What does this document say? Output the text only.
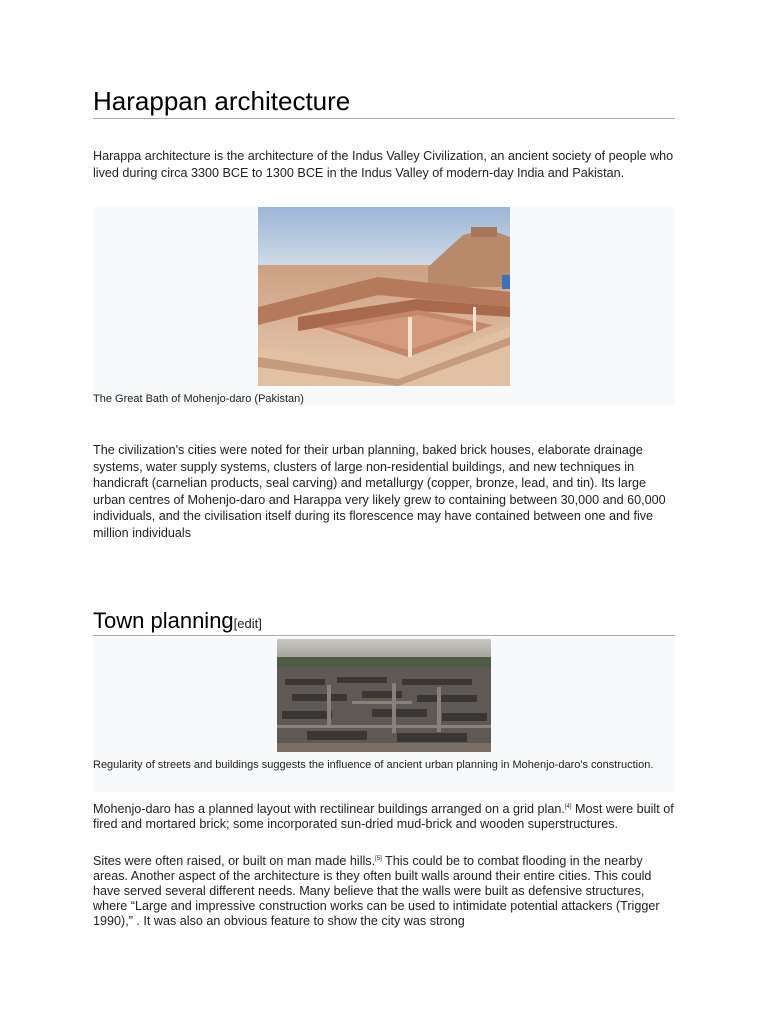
Harappan architecture
Harappa architecture is the architecture of the Indus Valley Civilization, an ancient society of people who lived during circa 3300 BCE to 1300 BCE in the Indus Valley of modern-day India and Pakistan.
The Great Bath of Mohenjo-daro (Pakistan)
The civilization's cities were noted for their urban planning, baked brick houses, elaborate drainage systems, water supply systems, clusters of large non-residential buildings, and new techniques in handicraft (carnelian products, seal carving) and metallurgy (copper, bronze, lead, and tin). Its large urban centres of Mohenjo-daro and Harappa very likely grew to containing between 30,000 and 60,000 individuals, and the civilisation itself during its florescence may have contained between one and five million individuals
Town planning[edit]
Regularity of streets and buildings suggests the influence of ancient urban planning in Mohenjo-daro's construction.
Mohenjo-daro has a planned layout with rectilinear buildings arranged on a grid plan.[4] Most were built of fired and mortared brick; some incorporated sun-dried mud-brick and wooden superstructures.
Sites were often raised, or built on man made hills.[5] This could be to combat flooding in the nearby areas. Another aspect of the architecture is they often built walls around their entire cities. This could have served several different needs. Many believe that the walls were built as defensive structures, where “Large and impressive construction works can be used to intimidate potential attackers (Trigger 1990),” . It was also an obvious feature to show the city was strong
